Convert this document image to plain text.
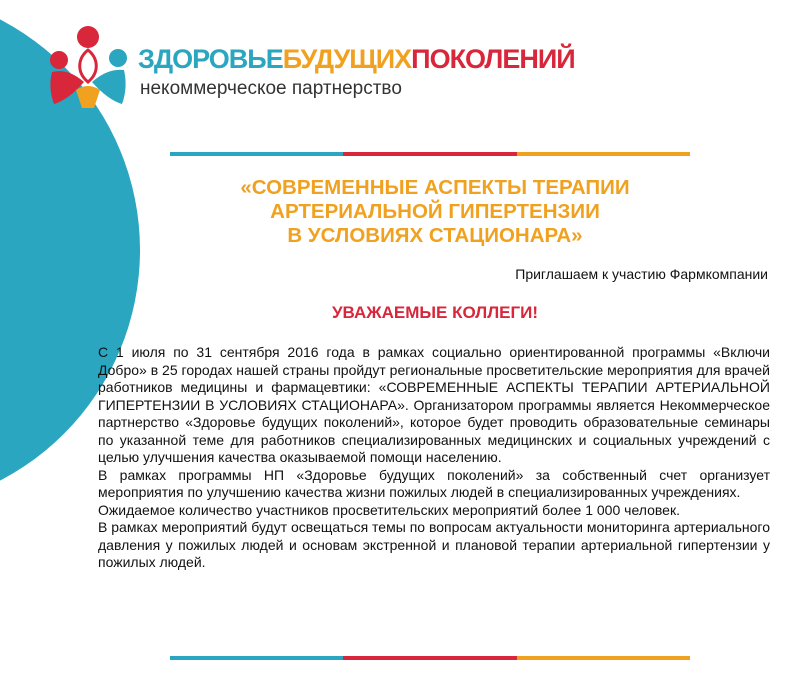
ЗДОРОВЬЕБУДУЩИХПОКОЛЕНИЙ
некоммерческое партнерство
«СОВРЕМЕННЫЕ АСПЕКТЫ ТЕРАПИИ
АРТЕРИАЛЬНОЙ ГИПЕРТЕНЗИИ
В УСЛОВИЯХ СТАЦИОНАРА»
Приглашаем к участию Фармкомпании
УВАЖАЕМЫЕ КОЛЛЕГИ!

С 1 июля по 31 сентября 2016 года в рамках социально ориентированной программы «Включи Добро» в 25 городах нашей страны пройдут региональные просветительские мероприятия для врачей работников медицины и фармацевтики: «СОВРЕМЕННЫЕ АСПЕКТЫ ТЕРАПИИ АРТЕРИАЛЬНОЙ ГИПЕРТЕНЗИИ В УСЛОВИЯХ СТАЦИОНАРА». Организатором программы является Некоммерческое партнерство «Здоровье будущих поколений», которое будет проводить образовательные семинары по указанной теме для работников специализированных медицинских и социальных учреждений с целью улучшения качества оказываемой помощи населению.

В рамках программы НП «Здоровье будущих поколений» за собственный счет организует мероприятия по улучшению качества жизни пожилых людей в специализированных учреждениях.

Ожидаемое количество участников просветительских мероприятий более 1 000 человек.

В рамках мероприятий будут освещаться темы по вопросам актуальности мониторинга артериального давления у пожилых людей и основам экстренной и плановой терапии артериальной гипертензии у пожилых людей.
